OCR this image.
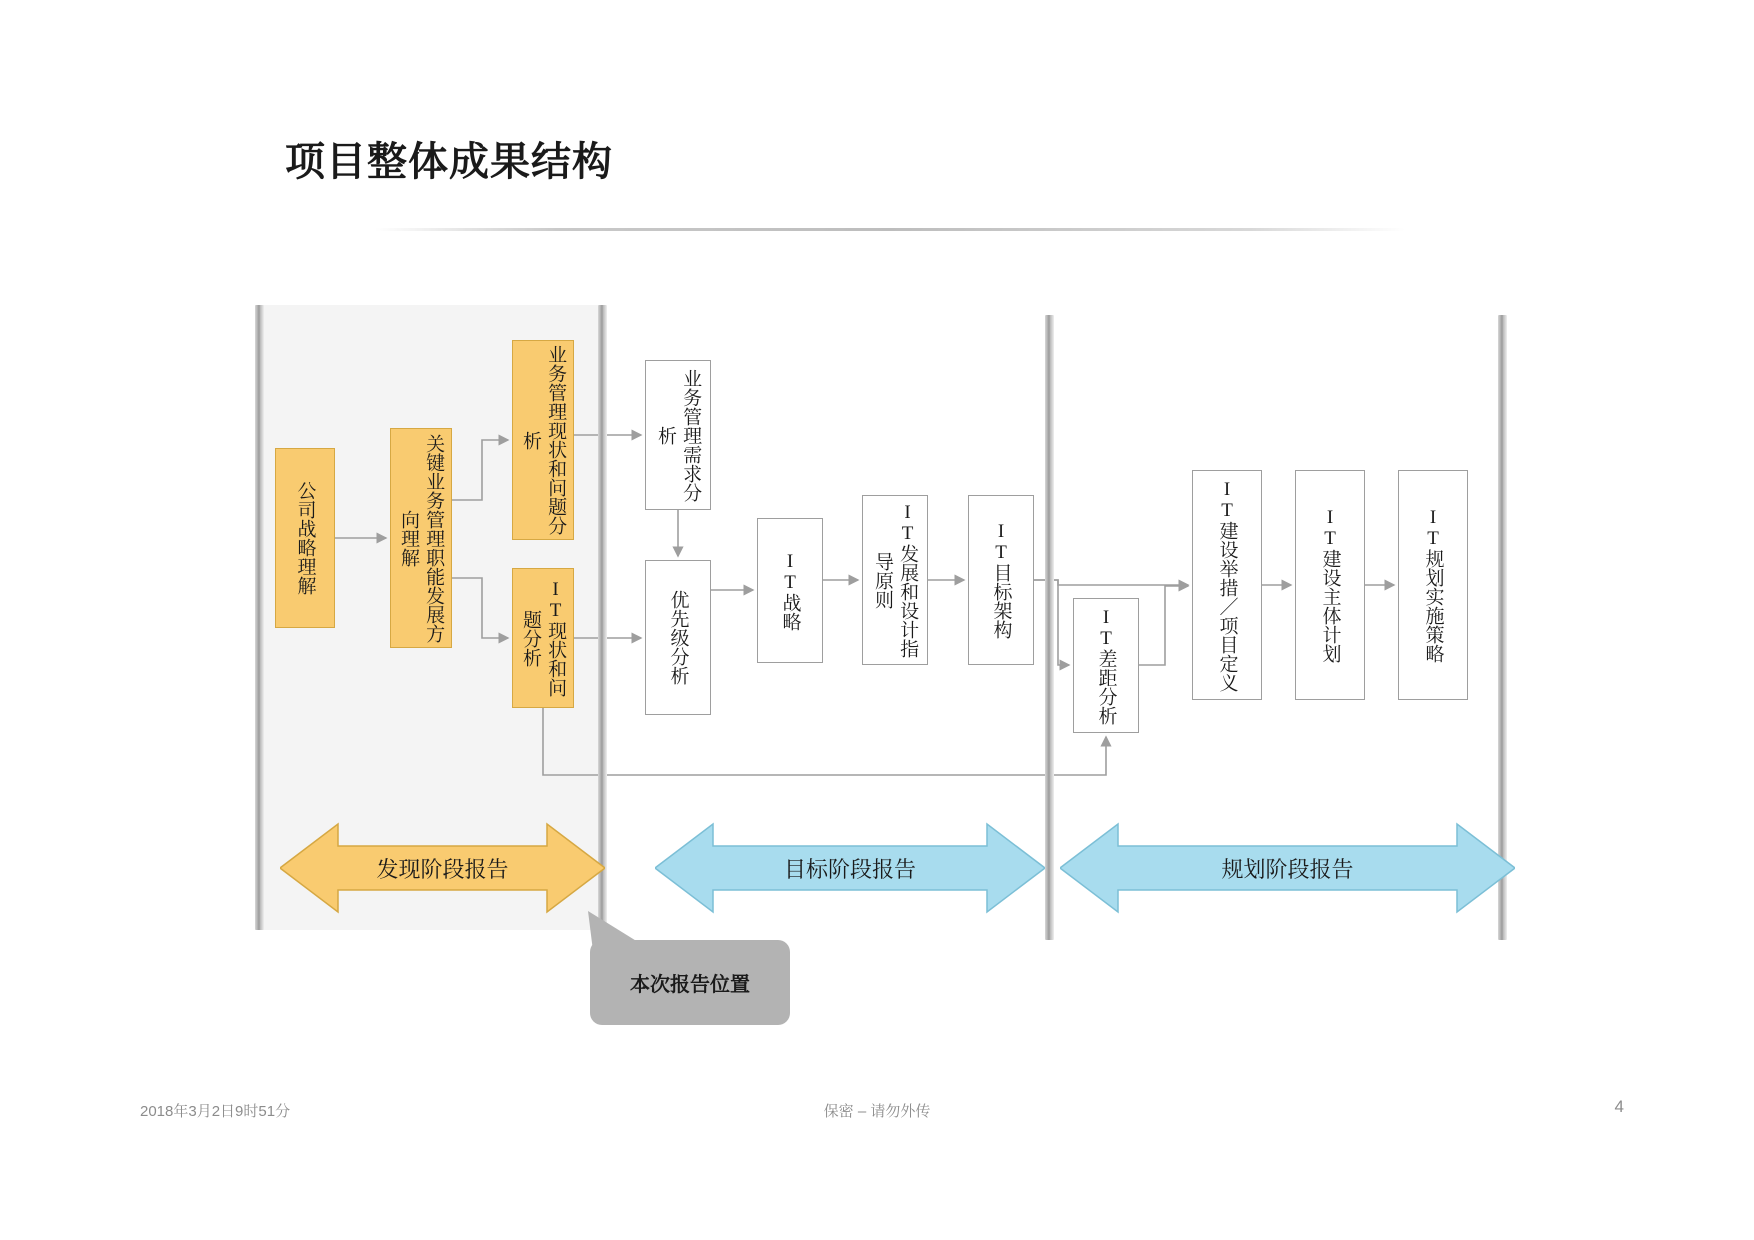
项目整体成果结构
公司战略理解	关键业务管理职能发展方向理解
业务管理现状和问题分析
IT现状和问题分析
业务管理需求分析
优先级分析	IT战略	IT发展和设计指导原则	IT目标架构
IT差距分析	IT建设举措／项目定义	IT建设主体计划	IT规划实施策略
发现阶段报告	目标阶段报告	规划阶段报告
本次报告位置
2018年3月2日9时51分	保密 – 请勿外传	4
